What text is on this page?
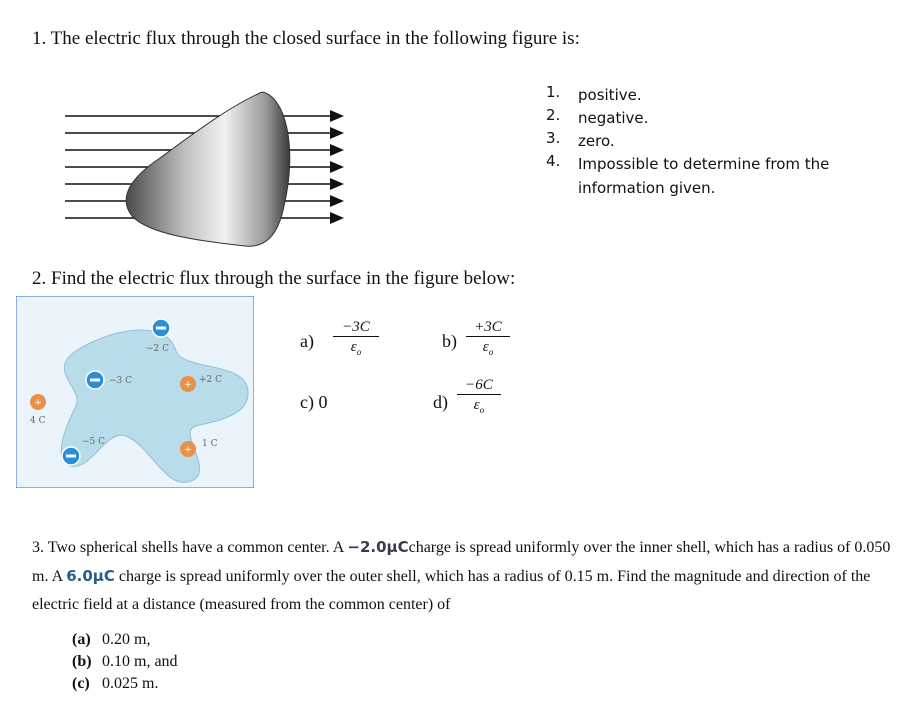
1. The electric flux through the closed surface in the following figure is:
1. positive.
2. negative.
3. zero.
4. Impossible to determine from the information given.
2. Find the electric flux through the surface in the figure below:
+
+
+
−2 C
−3 C	+2 C
4 C
−5 C	1 C
$a) \frac{-3C}{\varepsilon_o}$	$b) \frac{+3C}{\varepsilon_o}$
c) 0	$d) \frac{-6C}{\varepsilon_o}$
3. Two spherical shells have a common center. A −2.0μCcharge is spread uniformly over the inner shell, which has a radius of 0.050 m. A 6.0μC charge is spread uniformly over the outer shell, which has a radius of 0.15 m. Find the magnitude and direction of the electric field at a distance (measured from the common center) of
(a) 0.20 m,
(b) 0.10 m, and
(c) 0.025 m.
